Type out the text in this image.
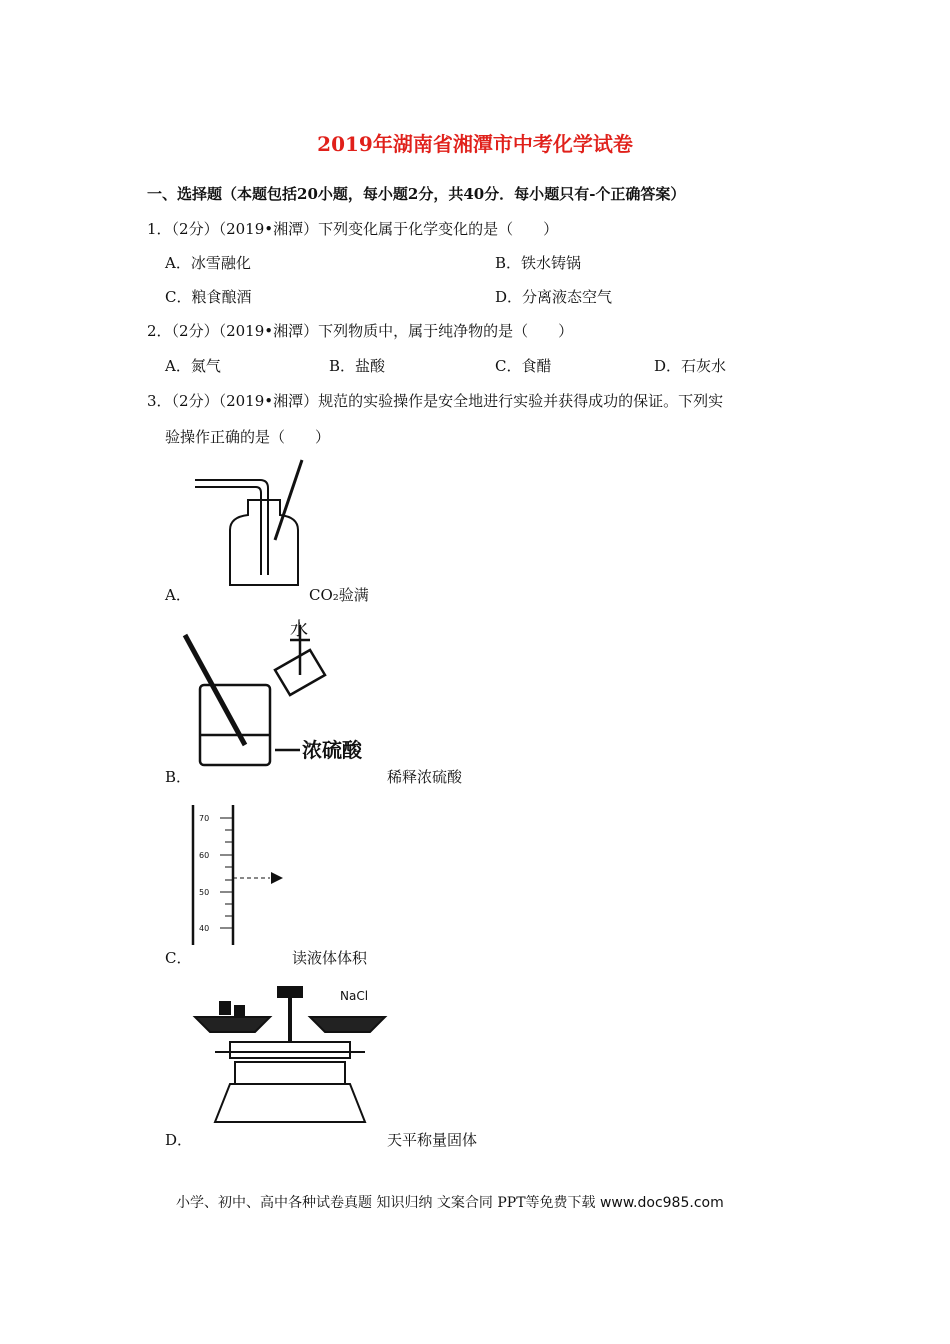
2019年湖南省湘潭市中考化学试卷
一、选择题（本题包括20小题，每小题2分，共40分．每小题只有-个正确答案）
1．（2分）（2019•湘潭）下列变化属于化学变化的是（　　）
A．冰雪融化	B．铁水铸锅
C．粮食酿酒	D．分离液态空气
2．（2分）（2019•湘潭）下列物质中，属于纯净物的是（　　）
A．氮气	B．盐酸	C．食醋	D．石灰水
3．（2分）（2019•湘潭）规范的实验操作是安全地进行实验并获得成功的保证。下列实
验操作正确的是（　　）
A．	CO₂验满
水
浓硫酸
B．	稀释浓硫酸
70
60
50
40
C．	读液体体积
NaCl
D．	天平称量固体
小学、初中、高中各种试卷真题 知识归纳 文案合同 PPT等免费下载 www.doc985.com
